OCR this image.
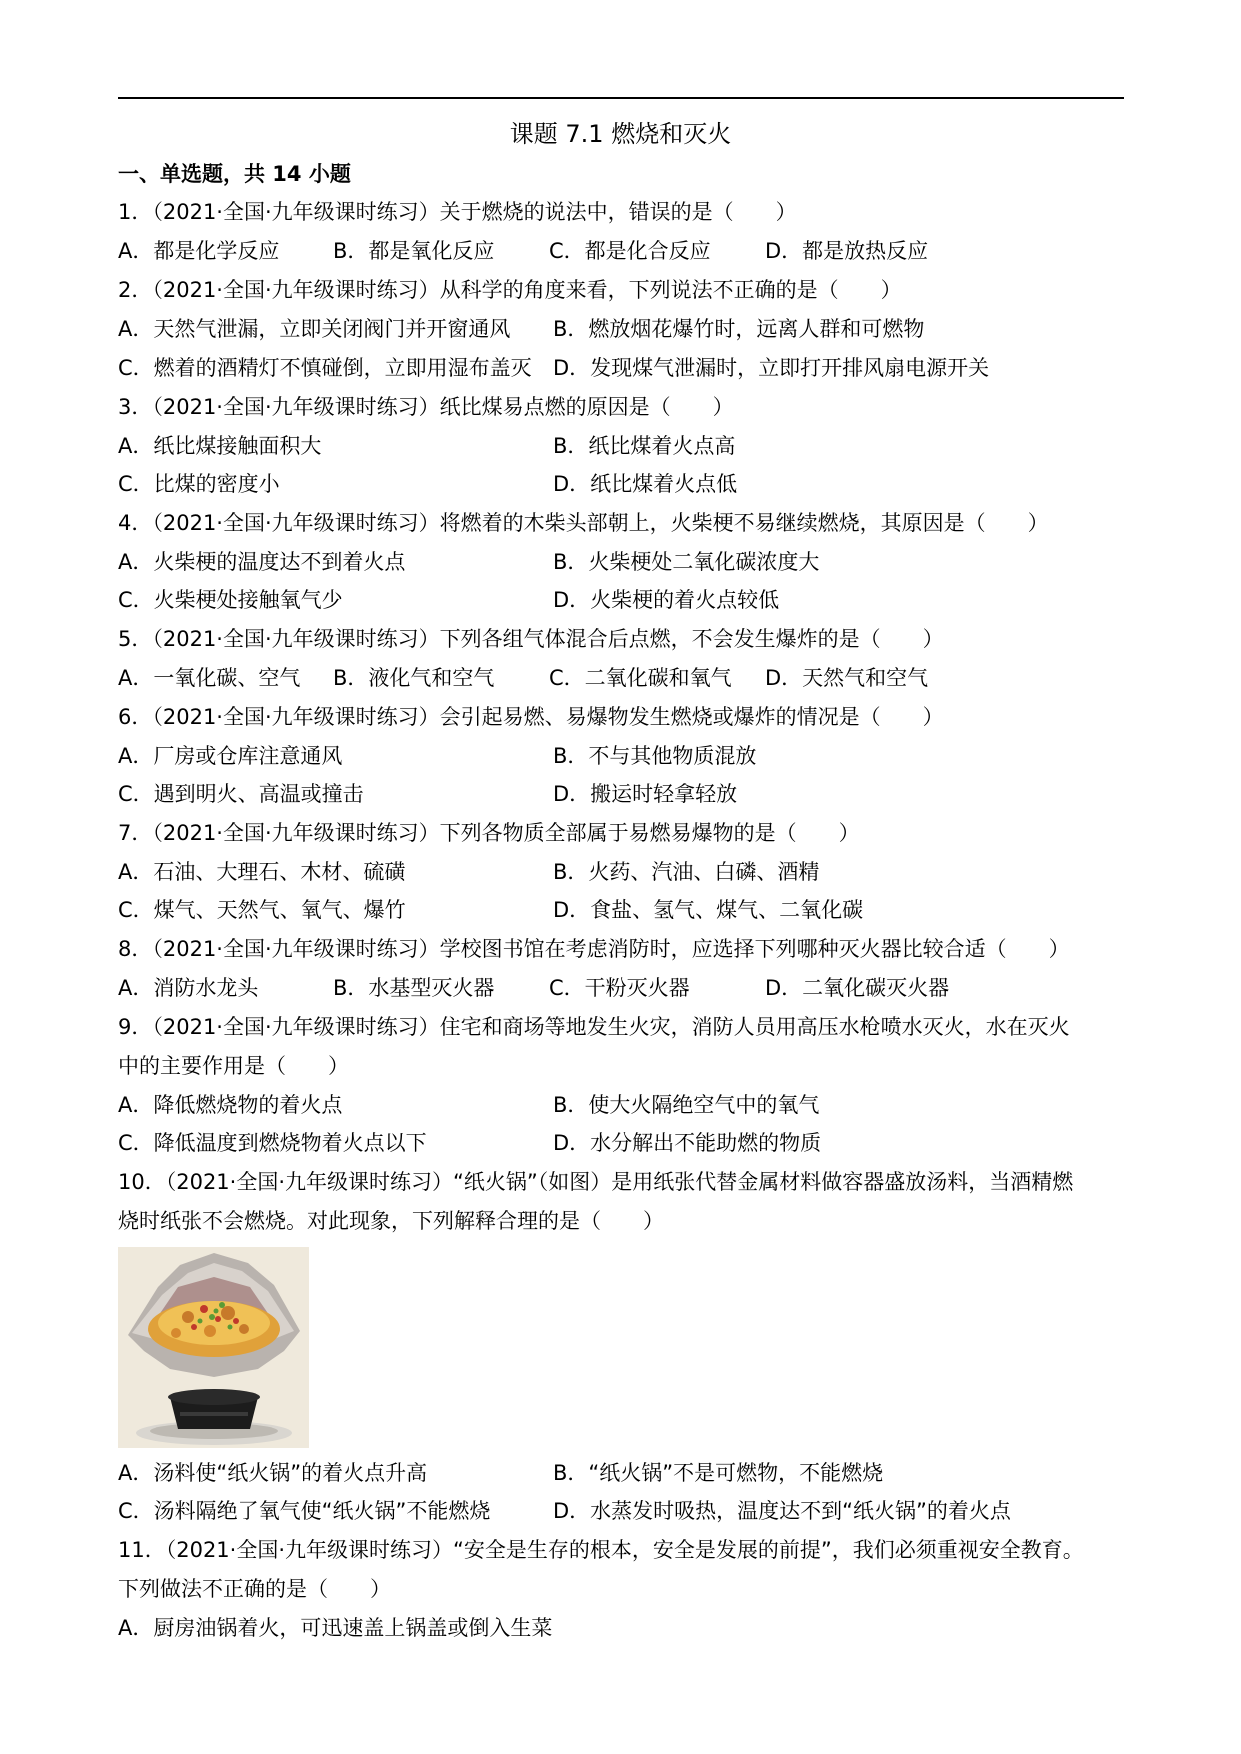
课题 7.1 燃烧和灭火
一、单选题，共 14 小题
1．（2021·全国·九年级课时练习）关于燃烧的说法中，错误的是（　　）
A．都是化学反应	B．都是氧化反应	C．都是化合反应	D．都是放热反应
2．（2021·全国·九年级课时练习）从科学的角度来看，下列说法不正确的是（　　）
A．天然气泄漏，立即关闭阀门并开窗通风 B．燃放烟花爆竹时，远离人群和可燃物
C．燃着的酒精灯不慎碰倒，立即用湿布盖灭 D．发现煤气泄漏时，立即打开排风扇电源开关
3．（2021·全国·九年级课时练习）纸比煤易点燃的原因是（　　）
A．纸比煤接触面积大	B．纸比煤着火点高
C．比煤的密度小	D．纸比煤着火点低
4．（2021·全国·九年级课时练习）将燃着的木柴头部朝上，火柴梗不易继续燃烧，其原因是（　　）
A．火柴梗的温度达不到着火点	B．火柴梗处二氧化碳浓度大
C．火柴梗处接触氧气少	D．火柴梗的着火点较低
5．（2021·全国·九年级课时练习）下列各组气体混合后点燃，不会发生爆炸的是（　　）
A．一氧化碳、空气 B．液化气和空气	C．二氧化碳和氧气 D．天然气和空气
6．（2021·全国·九年级课时练习）会引起易燃、易爆物发生燃烧或爆炸的情况是（　　）
A．厂房或仓库注意通风	B．不与其他物质混放
C．遇到明火、高温或撞击	D．搬运时轻拿轻放
7．（2021·全国·九年级课时练习）下列各物质全部属于易燃易爆物的是（　　）
A．石油、大理石、木材、硫磺	B．火药、汽油、白磷、酒精
C．煤气、天然气、氧气、爆竹	D．食盐、氢气、煤气、二氧化碳
8．（2021·全国·九年级课时练习）学校图书馆在考虑消防时，应选择下列哪种灭火器比较合适（　　）
A．消防水龙头	B．水基型灭火器	C．干粉灭火器	D．二氧化碳灭火器
9．（2021·全国·九年级课时练习）住宅和商场等地发生火灾，消防人员用高压水枪喷水灭火，水在灭火
中的主要作用是（　　）
A．降低燃烧物的着火点	B．使大火隔绝空气中的氧气
C．降低温度到燃烧物着火点以下	D．水分解出不能助燃的物质
10．（2021·全国·九年级课时练习）“纸火锅”（如图）是用纸张代替金属材料做容器盛放汤料，当酒精燃
烧时纸张不会燃烧。对此现象，下列解释合理的是（　　）
A．汤料使“纸火锅”的着火点升高	B．“纸火锅”不是可燃物，不能燃烧
C．汤料隔绝了氧气使“纸火锅”不能燃烧	D．水蒸发时吸热，温度达不到“纸火锅”的着火点
11．（2021·全国·九年级课时练习）“安全是生存的根本，安全是发展的前提”，我们必须重视安全教育。
下列做法不正确的是（　　）
A．厨房油锅着火，可迅速盖上锅盖或倒入生菜
